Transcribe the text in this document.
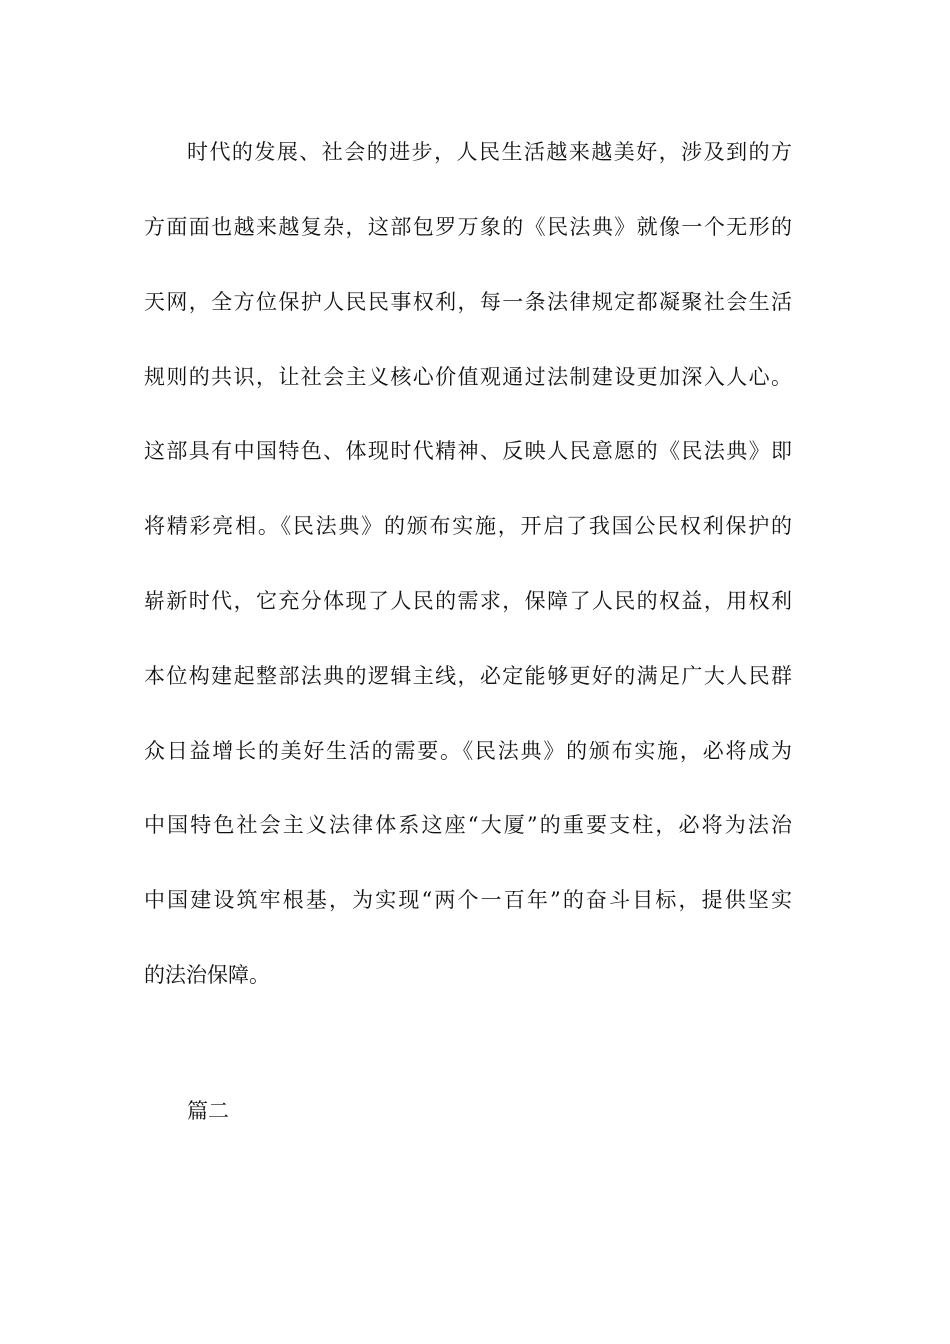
时代的发展、社会的进步，人民生活越来越美好，涉及到的方

方面面也越来越复杂，这部包罗万象的《民法典》就像一个无形的

天网，全方位保护人民民事权利，每一条法律规定都凝聚社会生活

规则的共识，让社会主义核心价值观通过法制建设更加深入人心。

这部具有中国特色、体现时代精神、反映人民意愿的《民法典》即

将精彩亮相。《民法典》的颁布实施，开启了我国公民权利保护的

崭新时代，它充分体现了人民的需求，保障了人民的权益，用权利

本位构建起整部法典的逻辑主线，必定能够更好的满足广大人民群

众日益增长的美好生活的需要。《民法典》的颁布实施，必将成为

中国特色社会主义法律体系这座“大厦”的重要支柱，必将为法治

中国建设筑牢根基，为实现“两个一百年”的奋斗目标，提供坚实

的法治保障。

篇二
